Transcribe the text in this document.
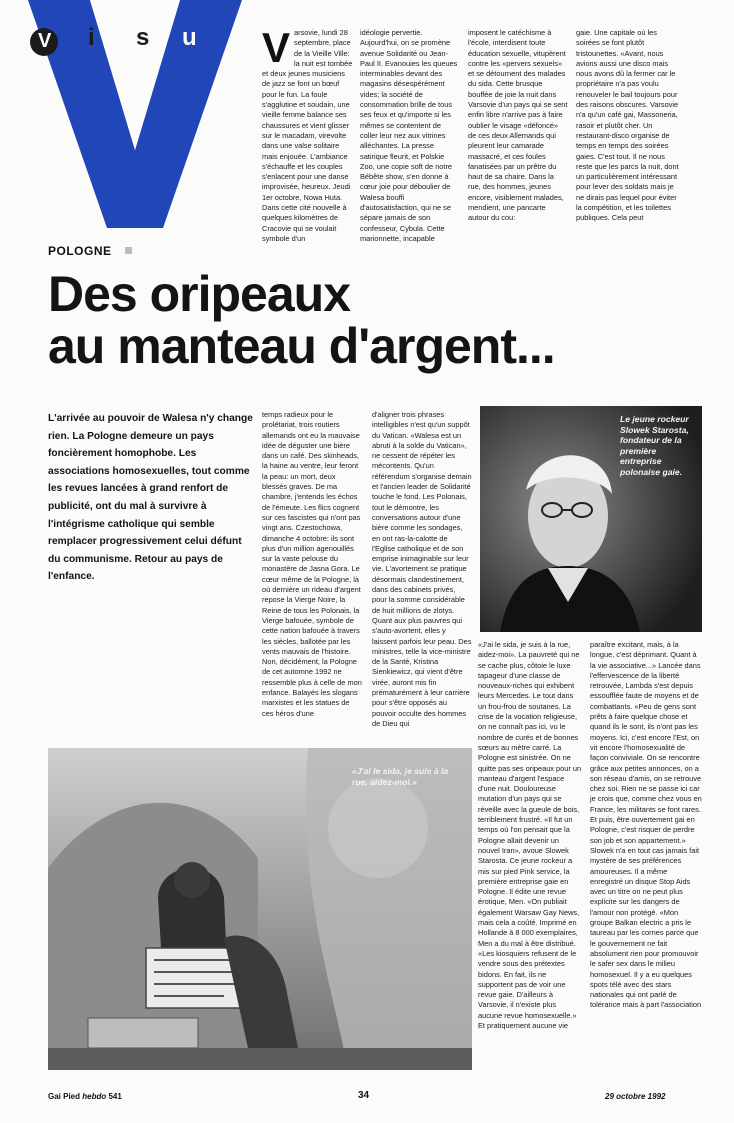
V i s u Varsovie, lundi 28 septembre, place de la Vieille Ville: la nuit est tombée et deux jeunes musiciens de jazz se font un bœuf pour le fun. La foule s'agglutine et soudain, une vieille femme balance ses chaussures et vient glisser sur le macadam, virevolte dans une valse solitaire mais enjouée. L'ambiance s'échauffe et les couples s'enlacent pour une danse improvisée, heureux. Jeudi 1er octobre, Nowa Huta. Dans cette cité nouvelle à quelques kilomètres de Cracovie qui se voulait symbole d'un
idéologie pervertie. Aujourd'hui, on se promène avenue Solidarité ou Jean-Paul II. Evanouies les queues interminables devant des magasins désespérément vides; la société de consommation brille de tous ses feux et qu'importe si les mêmes se contentent de coller leur nez aux vitrines alléchantes. La presse satirique fleurit, et Polskie Zoo, une copie soft de notre Bébête show, s'en donne à cœur joie pour déboulier de Walesa bouffi d'autosatisfaction, qui ne se sépare jamais de son confesseur, Cybula. Cette marionnette, incapable
imposent le catéchisme à l'école, interdisent toute éducation sexuelle, vitupèrent contre les «pervers sexuels» et se détournent des malades du sida. Cette brusque bouffée de joie la nuit dans Varsovie d'un pays qui se sent enfin libre n'arrive pas à faire oublier le visage «défoncé» de ces deux Allemands qui pleurent leur camarade massacré, et ces foules fanatisées par un prêtre du haut de sa chaire. Dans la rue, des hommes, jeunes encore, visiblement malades, mendient, une pancarte autour du cou:
gaie. Une capitale où les soirées se font plutôt tristounettes. «Avant, nous avions aussi une disco mais nous avons dû la fermer car le propriétaire n'a pas voulu renouveler le bail toujours pour des raisons obscures. Varsovie n'a qu'un café gai, Massoneria, rasoir et plutôt cher. Un restaurant-disco organise de temps en temps des soirées gaies. C'est tout. Il ne nous reste que les parcs la nuit, dont un particulièrement intéressant pour lever des soldats mais je ne dirais pas lequel pour éviter la compétition, et les toilettes publiques. Cela peut
POLOGNE
Des oripeaux
au manteau d'argent...

L'arrivée au pouvoir de Walesa n'y change rien. La Pologne demeure un pays foncièrement homophobe. Les associations homosexuelles, tout comme les revues lancées à grand renfort de publicité, ont du mal à survivre à l'intégrisme catholique qui semble remplacer progressivement celui défunt du communisme. Retour au pays de l'enfance.

temps radieux pour le prolétariat, trois routiers allemands ont eu la mauvaise idée de déguster une bière dans un café. Des skinheads, la haine au ventre, leur feront la peau: un mort, deux blessés graves. De ma chambre, j'entends les échos de l'émeute. Les flics cognent sur ces fascistes qui n'ont pas vingt ans. Czestochowa, dimanche 4 octobre: ils sont plus d'un million agenouillés sur la vaste pelouse du monastère de Jasna Gora. Le cœur même de la Pologne, là où dernière un rideau d'argent repose la Vierge Noire, la Reine de tous les Polonais, la Vierge bafouée, symbole de cette nation bafouée à travers les siècles, ballotée par les vents mauvais de l'histoire. Non, décidément, la Pologne de cet automne 1992 ne ressemble plus à celle de mon enfance. Balayés les slogans marxistes et les statues de ces héros d'une
d'aligner trois phrases intelligibles n'est qu'un suppôt du Vatican. «Walesa est un abruti à la solde du Vatican», ne cessent de répéter les mécontents. Qu'un référendum s'organise demain et l'ancien leader de Solidarité touche le fond. Les Polonais, tout le démontre, les conversations autour d'une bière comme les sondages, en ont ras-la-calotte de l'Eglise catholique et de son emprise inimaginable sur leur vie. L'avortement se pratique désormais clandestinement, dans des cabinets privés, pour la somme considérable de huit millions de zlotys. Quant aux plus pauvres qui s'auto-avortent, elles y laissent parfois leur peau. Des ministres, telle la vice-ministre de la Santé, Kristina Sienkiewicz, qui vient d'être virée, auront mis fin prématurément à leur carrière pour s'être opposés au pouvoir occulte des hommes de Dieu qui
«J'ai le sida, je suis à la rue, aidez-moi». La pauvreté qui ne se cache plus, côtoie le luxe tapageur d'une classe de nouveaux-riches qui exhibent leurs Mercedes. Le tout dans un frou-frou de soutanes. La crise de la vocation religieuse, on ne connaît pas ici, vu le nombre de curés et de bonnes sœurs au mètre carré. La Pologne est sinistrée. On ne quitte pas ses oripeaux pour un manteau d'argent l'espace d'une nuit. Douloureuse mutation d'un pays qui se réveille avec la gueule de bois, terriblement frustré. «Il fut un temps où l'on pensait que la Pologne allait devenir un nouvel Iran», avoue Slowek Starosta. Ce jeune rockeur a mis sur pied Pink service, la première entreprise gaie en Pologne. Il édite une revue érotique, Men. «On publiait également Warsaw Gay News, mais cela a coûté. Imprimé en Hollande à 8 000 exemplaires, Men a du mal à être distribué. «Les kiosquiers refusent de le vendre sous des prétextes bidons. En fait, ils ne supportent pas de voir une revue gaie. D'ailleurs à Varsovie, il n'existe plus aucune revue homosexuelle.» Et pratiquement aucune vie
paraître excitant, mais, à la longue, c'est déprimant. Quant à la vie associative...» Lancée dans l'effervescence de la liberté retrouvée, Lambda s'est depuis essoufflée faute de moyens et de combattants. «Peu de gens sont prêts à faire quelque chose et quand ils le sont, ils n'ont pas les moyens. Ici, c'est encore l'Est, on vit encore l'homosexualité de façon conviviale. On se rencontre grâce aux petites annonces, on a son réseau d'amis, on se retrouve chez soi. Rien ne se passe ici car je crois que, comme chez vous en France, les militants se font rares. Et puis, être ouvertement gai en Pologne, c'est risquer de perdre son job et son appartement.» Slowek n'a en tout cas jamais fait mystère de ses préférences amoureuses. Il a même enregistré un disque Stop Aids avec un titre on ne peut plus explicite sur les dangers de l'amour non protégé. «Mon groupe Balkan electric a pris le taureau par les cornes parce que le gouvernement ne fait absolument rien pour promouvoir le safer sex dans le milieu homosexuel. Il y a eu quelques spots télé avec des stars nationales qui ont parlé de tolérance mais à part l'association
Le jeune rockeur Slowek Starosta, fondateur de la première entreprise polonaise gaie.
«J'ai le sida, je suis à la rue, aidez-moi.»
Gai Pied hebdo 541	34	29 octobre 1992
